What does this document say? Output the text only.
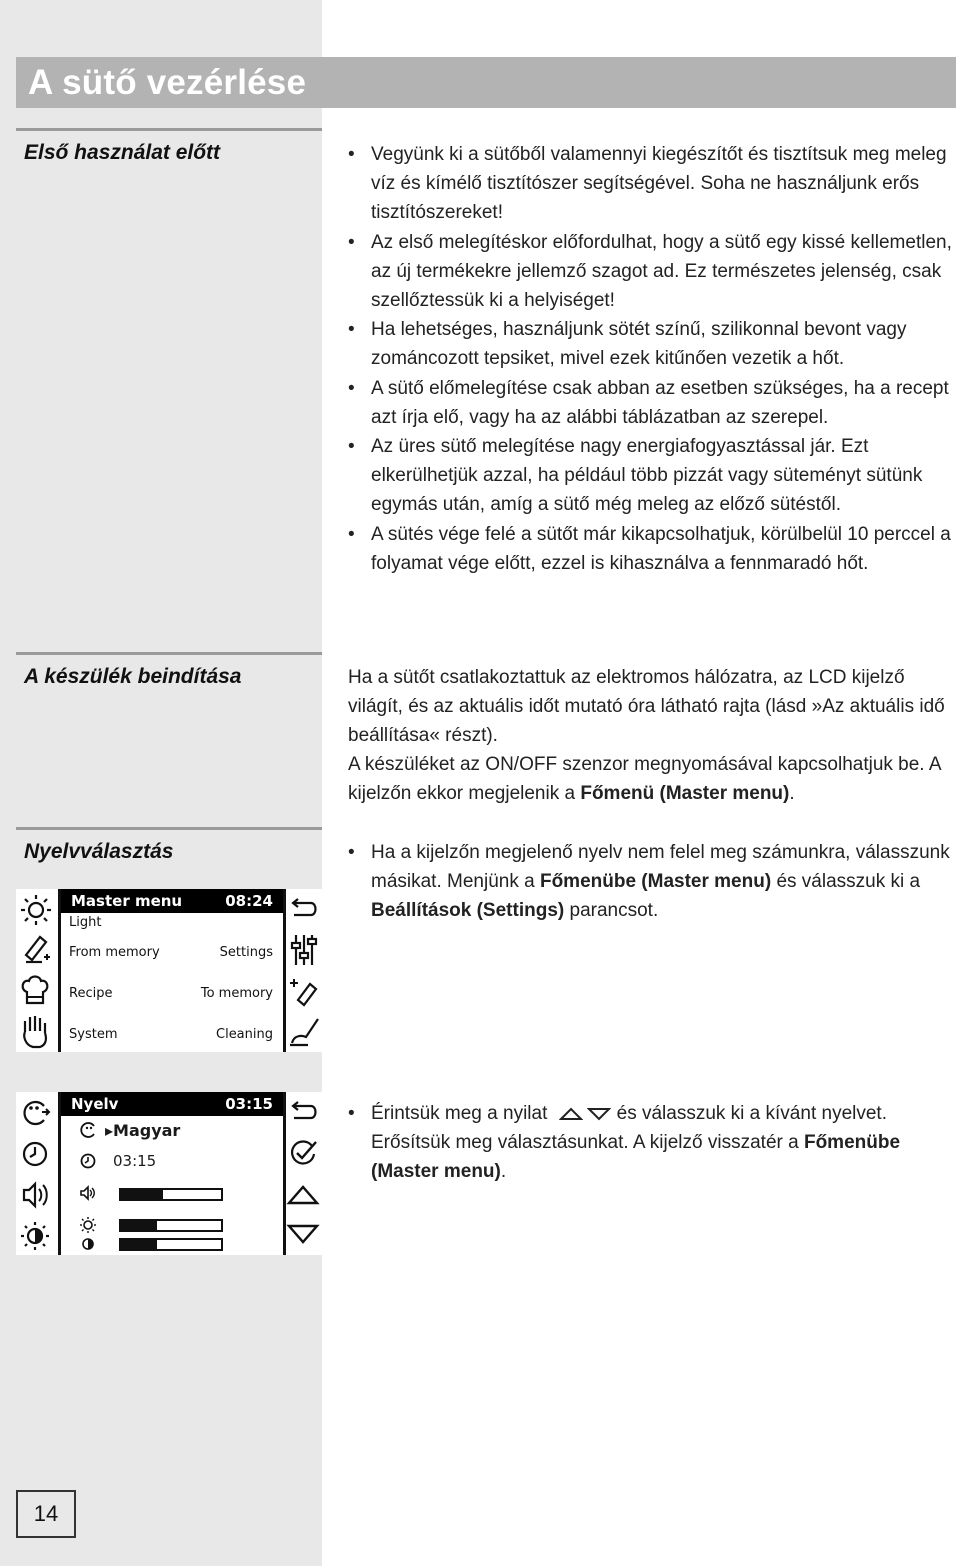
A sütő vezérlése
Első használat előtt	• Vegyünk ki a sütőből valamennyi kiegészítőt és tisztítsuk meg meleg víz és kímélő tisztítószer segítségével. Soha ne használjunk erős tisztítószereket!
• Az első melegítéskor előfordulhat, hogy a sütő egy kissé kellemetlen, az új termékekre jellemző szagot ad. Ez természetes jelenség, csak szellőztessük ki a helyiséget!
• Ha lehetséges, használjunk sötét színű, szilikonnal bevont vagy zománcozott tepsiket, mivel ezek kitűnően vezetik a hőt.
• A sütő előmelegítése csak abban az esetben szükséges, ha a recept azt írja elő, vagy ha az alábbi táblázatban az szerepel.
• Az üres sütő melegítése nagy energiafogyasztással jár. Ezt elkerülhetjük azzal, ha például több pizzát vagy süteményt sütünk egymás után, amíg a sütő még meleg az előző sütéstől.
• A sütés vége felé a sütőt már kikapcsolhatjuk, körülbelül 10 perccel a folyamat vége előtt, ezzel is kihasználva a fennmaradó hőt.
A készülék beindítása	Ha a sütőt csatlakoztattuk az elektromos hálózatra, az LCD kijelző világít, és az aktuális időt mutató óra látható rajta (lásd »Az aktuális idő beállítása« részt).

A készüléket az ON/OFF szenzor megnyomásával kapcsolhatjuk be. A kijelzőn ekkor megjelenik a Főmenü (Master menu).

Nyelvválasztás	• Ha a kijelzőn megjelenő nyelv nem felel meg számunkra, válasszunk másikat. Menjünk a Főmenübe (Master menu) és válasszuk ki a Beállítások (Settings) parancsot.
• Érintsük meg a nyilat	és válasszuk ki a kívánt nyelvet. Erősítsük meg választásunkat. A kijelző visszatér a Főmenübe (Master menu).
Master menu	08:24
Light
From memory	Settings
Recipe	To memory
System	Cleaning
Nyelv	03:15
▸Magyar
03:15
14
